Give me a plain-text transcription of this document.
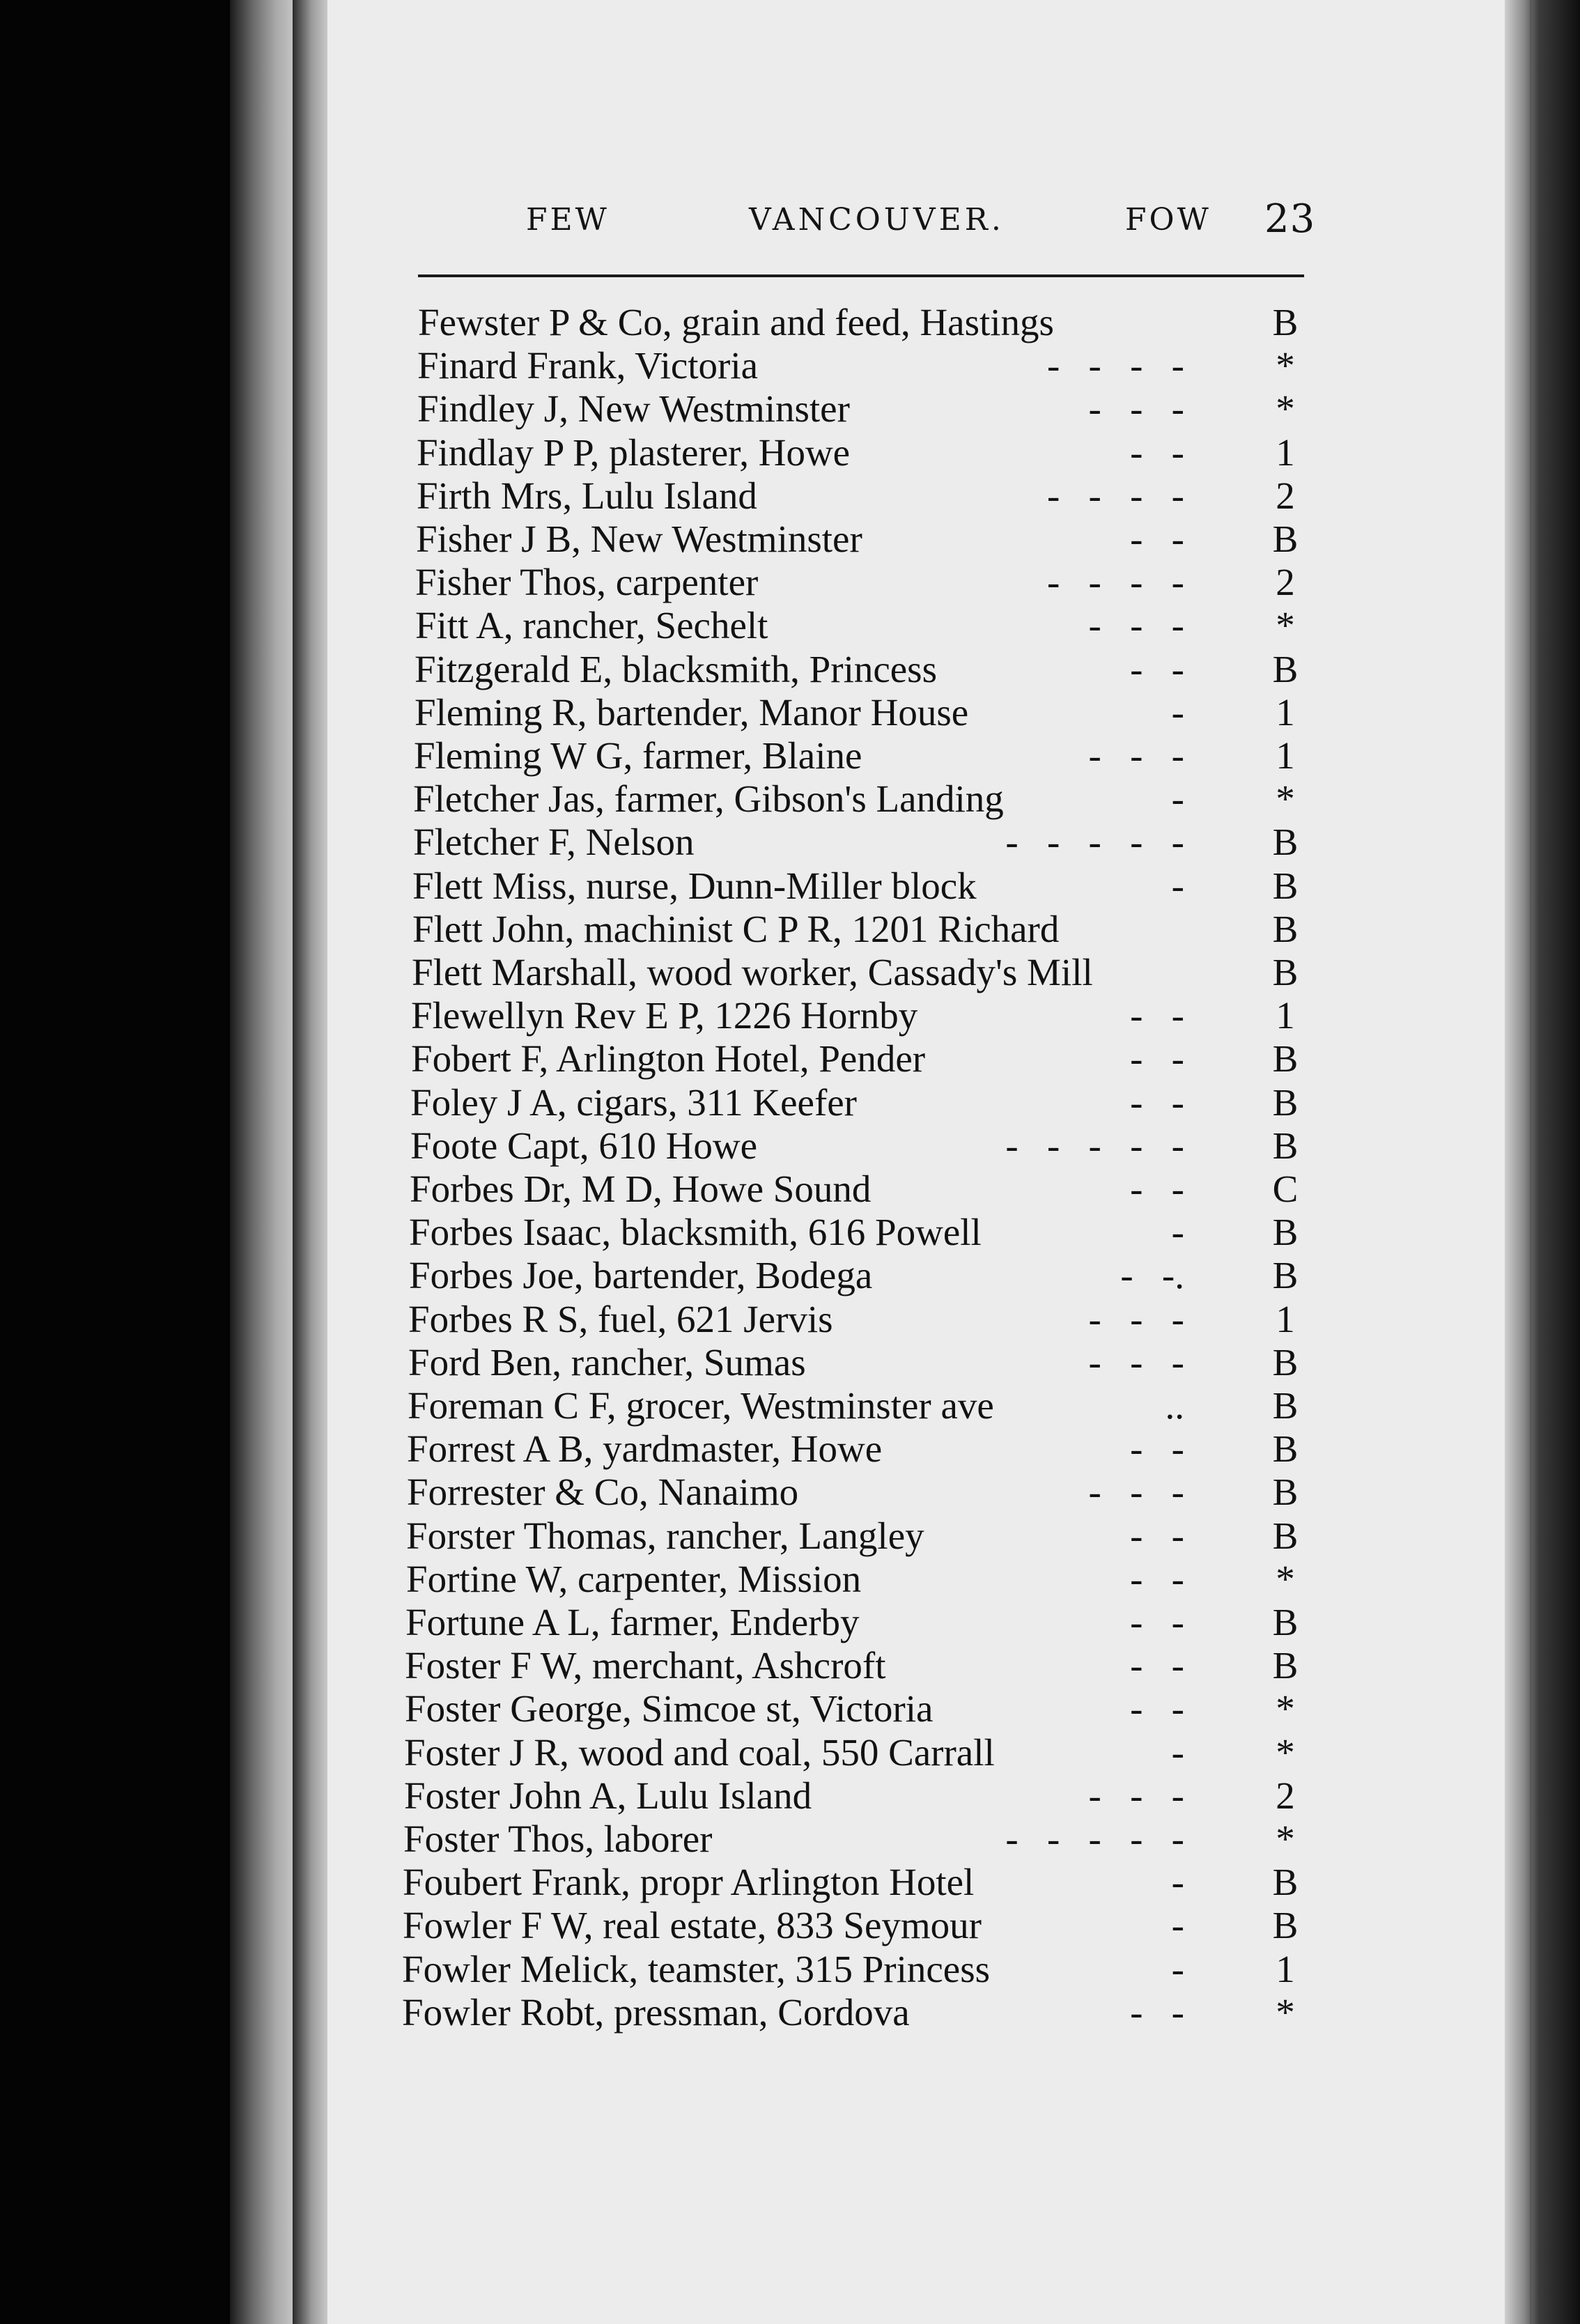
FEW	VANCOUVER.	FOW 23
Fewster P & Co, grain and feed, Hastings	B
Finard Frank, Victoria	-   -   -   -	*
Findley J, New Westminster	-   -   -	*
Findlay P P, plasterer, Howe	-   -	1
Firth Mrs, Lulu Island	-   -   -   -	2
Fisher J B, New Westminster	-   -	B
Fisher Thos, carpenter	-   -   -   -	2
Fitt A, rancher, Sechelt	-   -   -	*
Fitzgerald E, blacksmith, Princess	-   -	B
Fleming R, bartender, Manor House	-	1
Fleming W G, farmer, Blaine	-   -   -	1
Fletcher Jas, farmer, Gibson's Landing	-	*
Fletcher F, Nelson	-   -   -   -   -	B
Flett Miss, nurse, Dunn-Miller block	-	B
Flett John, machinist C P R, 1201 Richard	B
Flett Marshall, wood worker, Cassady's Mill	B
Flewellyn Rev E P, 1226 Hornby	-   -	1
Fobert F, Arlington Hotel, Pender	-   -	B
Foley J A, cigars, 311 Keefer	-   -	B
Foote Capt, 610 Howe	-   -   -   -   -	B
Forbes Dr, M D, Howe Sound	-   -	C
Forbes Isaac, blacksmith, 616 Powell	-	B
Forbes Joe, bartender, Bodega	-   -.	B
Forbes R S, fuel, 621 Jervis	-   -   -	1
Ford Ben, rancher, Sumas	-   -   -	B
Foreman C F, grocer, Westminster ave	..	B
Forrest A B, yardmaster, Howe	-   -	B
Forrester & Co, Nanaimo	-   -   -	B
Forster Thomas, rancher, Langley	-   -	B
Fortine W, carpenter, Mission	-   -	*
Fortune A L, farmer, Enderby	-   -	B
Foster F W, merchant, Ashcroft	-   -	B
Foster George, Simcoe st, Victoria	-   -	*
Foster J R, wood and coal, 550 Carrall	-	*
Foster John A, Lulu Island	-   -   -	2
Foster Thos, laborer	-   -   -   -   -	*
Foubert Frank, propr Arlington Hotel	-	B
Fowler F W, real estate, 833 Seymour	-	B
Fowler Melick, teamster, 315 Princess	-	1
Fowler Robt, pressman, Cordova	-   -	*
